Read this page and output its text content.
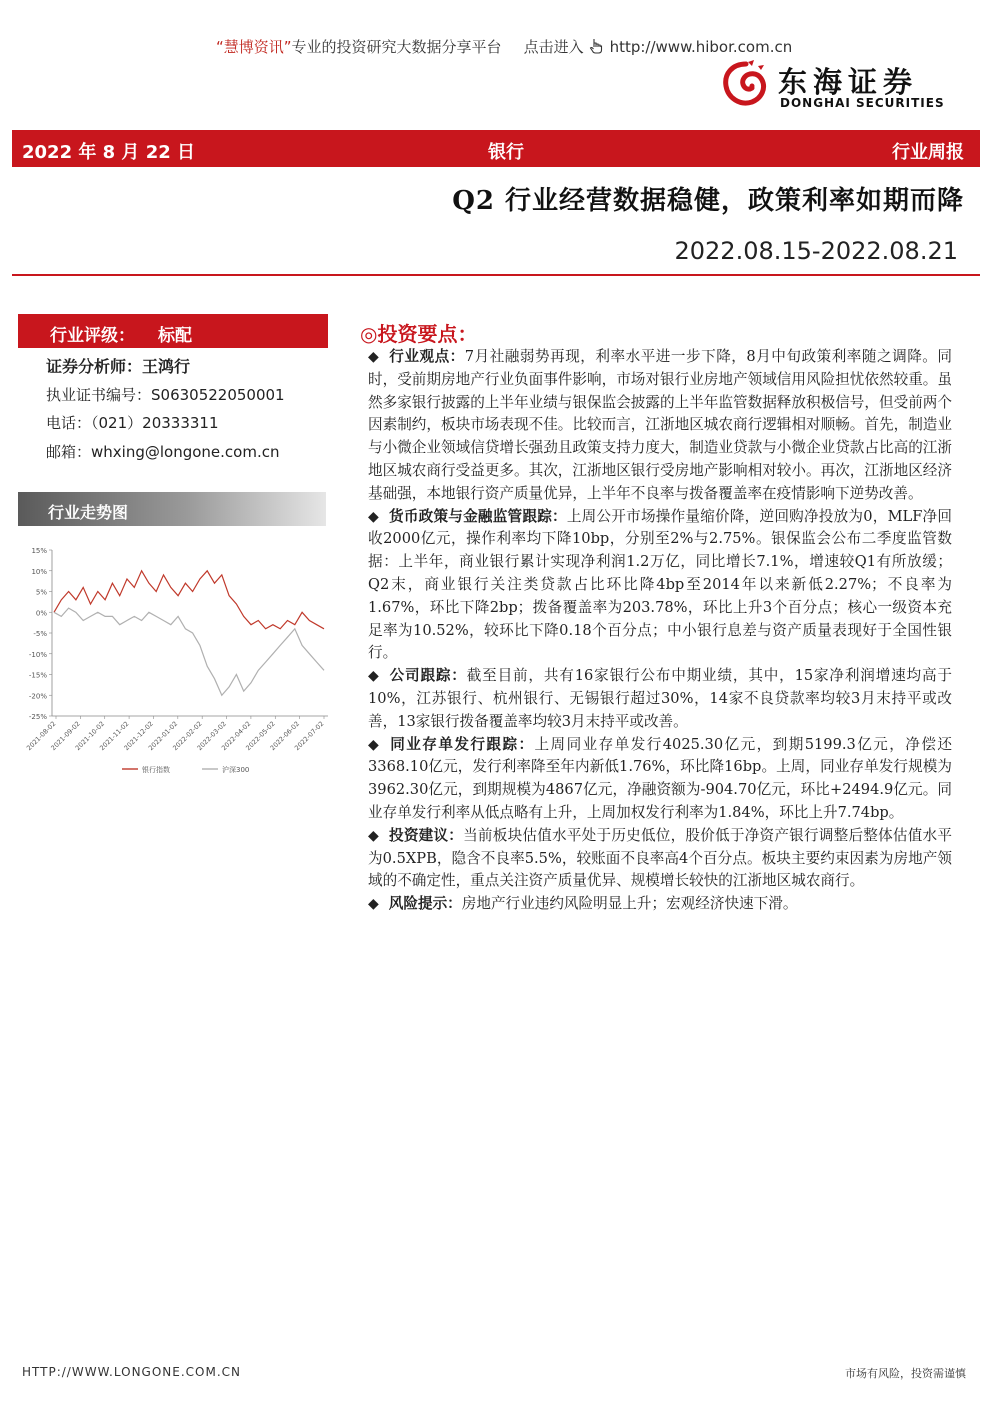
“慧博资讯”专业的投资研究大数据分享平台 点击进入 http://www.hibor.com.cn
东海证券
DONGHAI SECURITIES
2022 年 8 月 22 日	银行	行业周报
Q2 行业经营数据稳健，政策利率如期而降
2022.08.15-2022.08.21
行业评级： 标配
证券分析师：王鸿行
执业证书编号：S0630522050001
电话：（021）20333311
邮箱：whxing@longone.com.cn
行业走势图
15%
10%
5%
0%
-5%
-10%
-15%
-20%
-25%
2021-08-02
2021-09-02
2021-10-02
2021-11-02
2021-12-02
2022-01-02
2022-02-02
2022-03-02
2022-04-02
2022-05-02
2022-06-02
2022-07-02
银行指数	沪深300
◎投资要点：

◆ 行业观点：7月社融弱势再现，利率水平进一步下降，8月中旬政策利率随之调降。同时，受前期房地产行业负面事件影响，市场对银行业房地产领域信用风险担忧依然较重。虽然多家银行披露的上半年业绩与银保监会披露的上半年监管数据释放积极信号，但受前两个因素制约，板块市场表现不佳。比较而言，江浙地区城农商行逻辑相对顺畅。首先，制造业与小微企业领域信贷增长强劲且政策支持力度大，制造业贷款与小微企业贷款占比高的江浙地区城农商行受益更多。其次，江浙地区银行受房地产影响相对较小。再次，江浙地区经济基础强，本地银行资产质量优异，上半年不良率与拨备覆盖率在疫情影响下逆势改善。

◆ 货币政策与金融监管跟踪：上周公开市场操作量缩价降，逆回购净投放为0，MLF净回收2000亿元，操作利率均下降10bp，分别至2%与2.75%。银保监会公布二季度监管数据：上半年，商业银行累计实现净利润1.2万亿，同比增长7.1%，增速较Q1有所放缓；Q2末，商业银行关注类贷款占比环比降4bp至2014年以来新低2.27%；不良率为1.67%，环比下降2bp；拨备覆盖率为203.78%，环比上升3个百分点；核心一级资本充足率为10.52%，较环比下降0.18个百分点；中小银行息差与资产质量表现好于全国性银行。

◆ 公司跟踪：截至目前，共有16家银行公布中期业绩，其中，15家净利润增速均高于10%，江苏银行、杭州银行、无锡银行超过30%，14家不良贷款率均较3月末持平或改善，13家银行拨备覆盖率均较3月末持平或改善。

◆ 同业存单发行跟踪：上周同业存单发行4025.30亿元，到期5199.3亿元，净偿还3368.10亿元，发行利率降至年内新低1.76%，环比降16bp。上周，同业存单发行规模为3962.30亿元，到期规模为4867亿元，净融资额为-904.70亿元，环比+2494.9亿元。同业存单发行利率从低点略有上升，上周加权发行利率为1.84%，环比上升7.74bp。

◆ 投资建议：当前板块估值水平处于历史低位，股价低于净资产银行调整后整体估值水平为0.5XPB，隐含不良率5.5%，较账面不良率高4个百分点。板块主要约束因素为房地产领域的不确定性，重点关注资产质量优异、规模增长较快的江浙地区城农商行。

◆ 风险提示：房地产行业违约风险明显上升；宏观经济快速下滑。

HTTP://WWW.LONGONE.COM.CN	市场有风险，投资需谨慎
